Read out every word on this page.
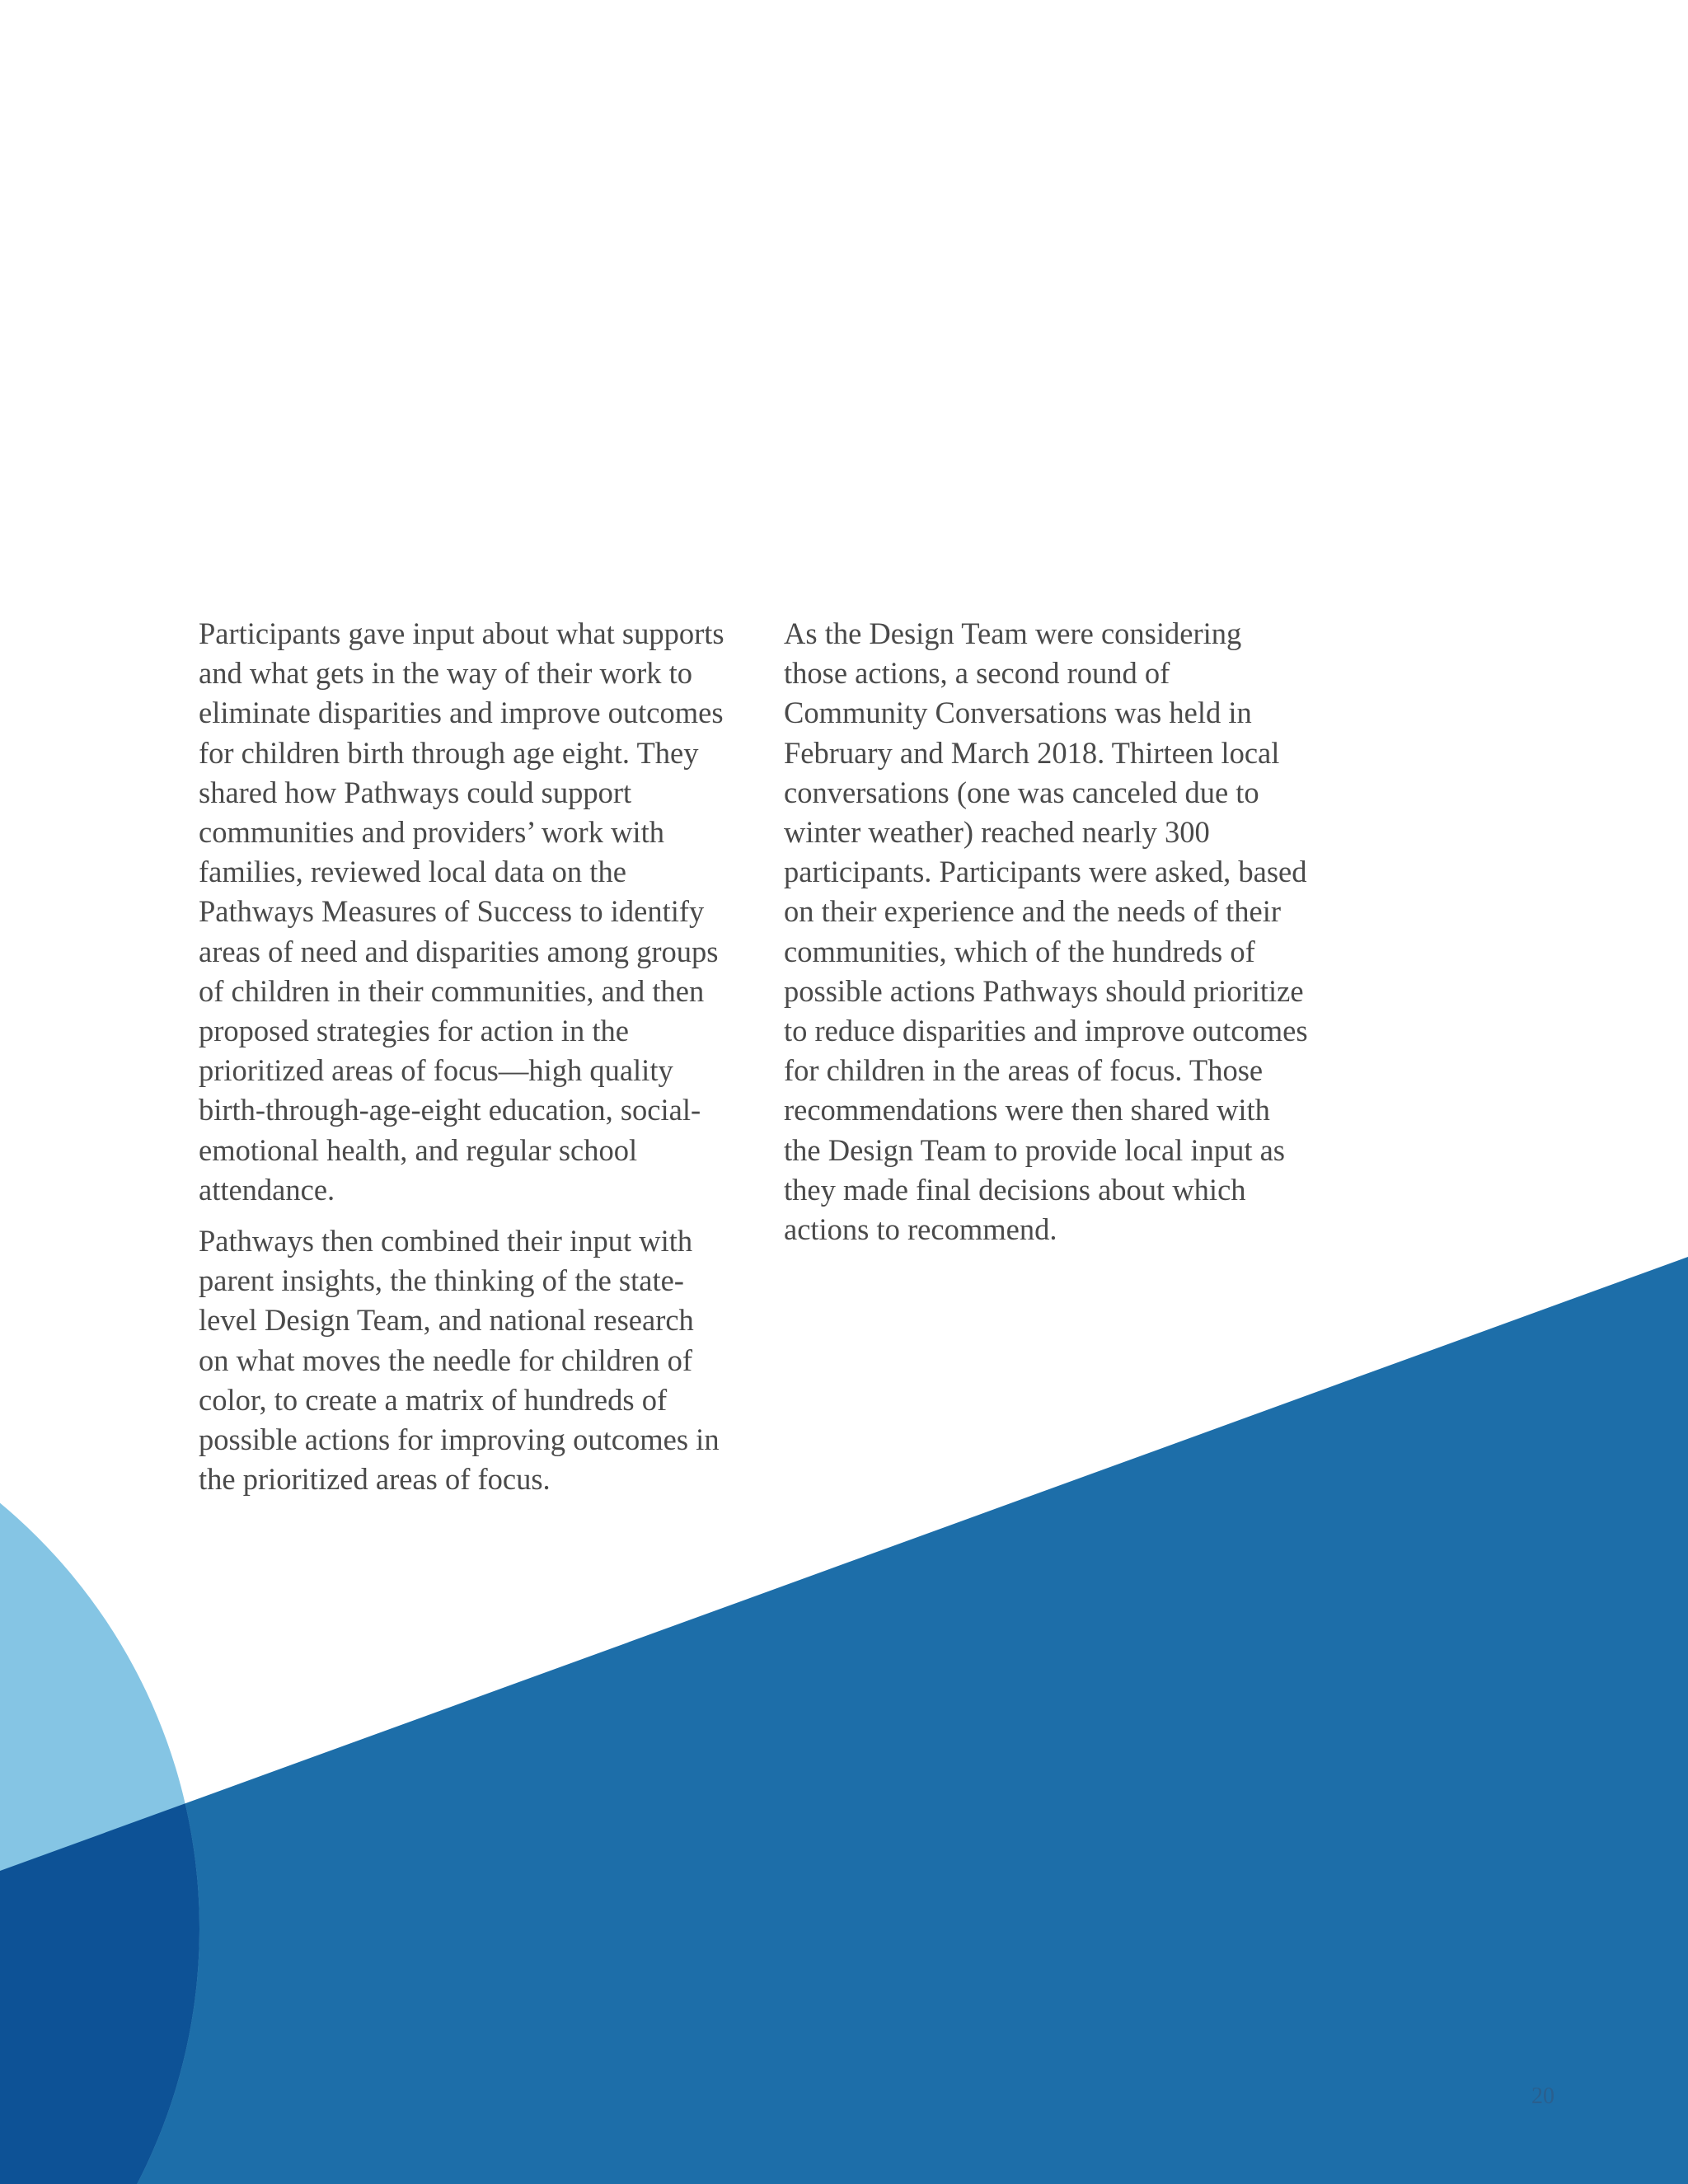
Participants gave input about what supports and what gets in the way of their work to eliminate disparities and improve outcomes for children birth through age eight. They shared how Pathways could support communities and providers’ work with families, reviewed local data on the Pathways Measures of Success to identify areas of need and disparities among groups of children in their communities, and then proposed strategies for action in the prioritized areas of focus—high quality birth-through-age-eight education, social-emotional health, and regular school attendance.

Pathways then combined their input with parent insights, the thinking of the state-level Design Team, and national research on what moves the needle for children of color, to create a matrix of hundreds of possible actions for improving outcomes in the prioritized areas of focus.

As the Design Team were considering those actions, a second round of Community Conversations was held in February and March 2018. Thirteen local conversations (one was canceled due to winter weather) reached nearly 300 participants. Participants were asked, based on their experience and the needs of their communities, which of the hundreds of possible actions Pathways should prioritize to reduce disparities and improve outcomes for children in the areas of focus. Those recommendations were then shared with the Design Team to provide local input as they made final decisions about which actions to recommend.

20
